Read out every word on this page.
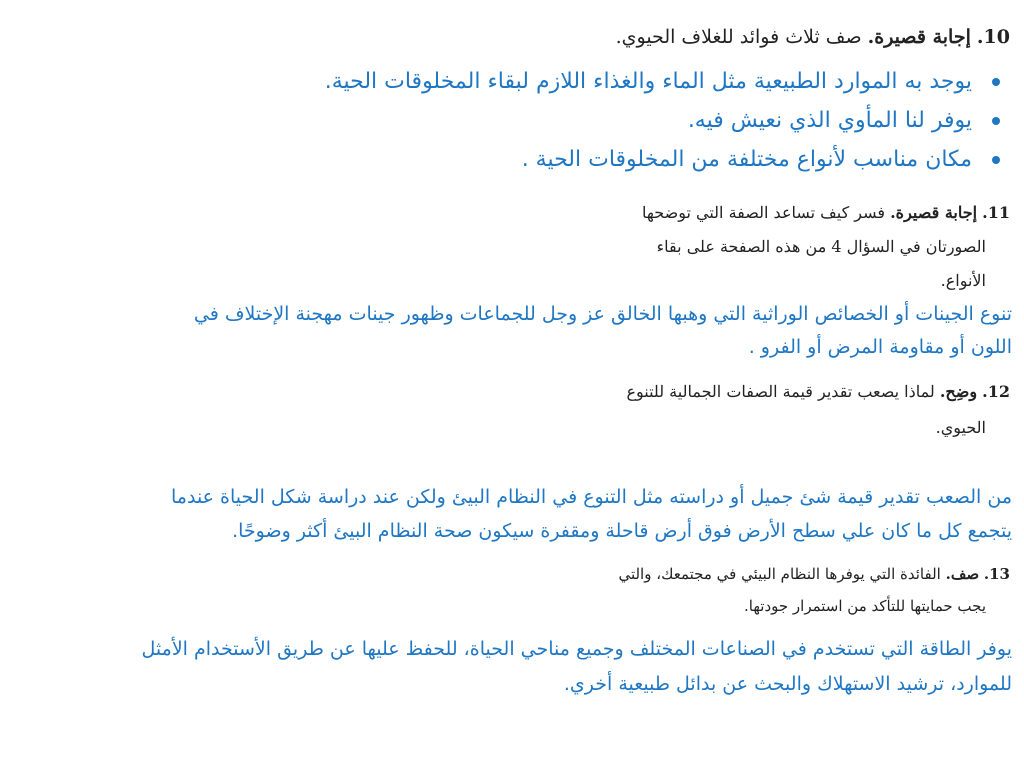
10. إجابة قصيرة. صف ثلاث فوائد للغلاف الحيوي.
يوجد به الموارد الطبيعية مثل الماء والغذاء اللازم لبقاء المخلوقات الحية.
يوفر لنا المأوي الذي نعيش فيه.
مكان مناسب لأنواع مختلفة من المخلوقات الحية .
11. إجابة قصيرة. فسر كيف تساعد الصفة التي توضحها
الصورتان في السؤال 4 من هذه الصفحة على بقاء
الأنواع.
تنوع الجينات أو الخصائص الوراثية التي وهبها الخالق عز وجل للجماعات وظهور جينات مهجنة الإختلاف في
اللون أو مقاومة المرض أو الفرو .
12. وضِح. لماذا يصعب تقدير قيمة الصفات الجمالية للتنوع
الحيوي.
من الصعب تقدير قيمة شئ جميل أو دراسته مثل التنوع في النظام البيئ ولكن عند دراسة شكل الحياة عندما
يتجمع كل ما كان علي سطح الأرض فوق أرض قاحلة ومقفرة سيكون صحة النظام البيئ أكثر وضوحًا.
13. صف. الفائدة التي يوفرها النظام البيئي في مجتمعك، والتي
يجب حمايتها للتأكد من استمرار جودتها.
يوفر الطاقة التي تستخدم في الصناعات المختلف وجميع مناحي الحياة، للحفظ عليها عن طريق الأستخدام الأمثل
للموارد، ترشيد الاستهلاك والبحث عن بدائل طبيعية أخري.
